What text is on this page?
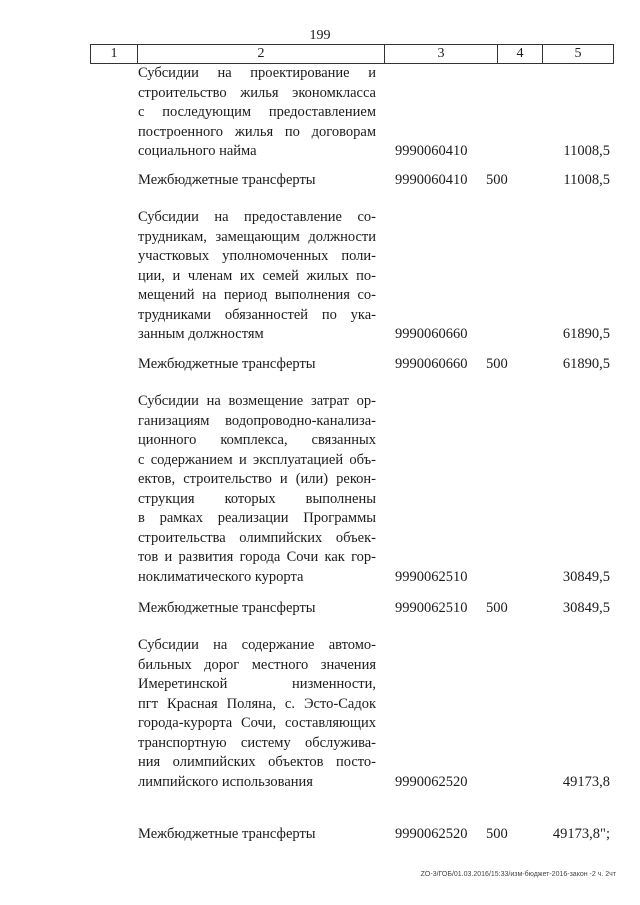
199
1	2	3	4	5
Субсидии на проектирование и
строительство жилья экономкласса
с последующим предоставлением
построенного жилья по договорам
социального найма	9990060410	11008,5
Межбюджетные трансферты	9990060410 500	11008,5
Субсидии на предоставление со-
трудникам, замещающим должности
участковых уполномоченных поли-
ции, и членам их семей жилых по-
мещений на период выполнения со-
трудниками обязанностей по ука-
занным должностям	9990060660	61890,5
Межбюджетные трансферты	9990060660 500	61890,5
Субсидии на возмещение затрат ор-
ганизациям водопроводно-канализа-
ционного комплекса, связанных
с содержанием и эксплуатацией объ-
ектов, строительство и (или) рекон-
струкция которых выполнены
в рамках реализации Программы
строительства олимпийских объек-
тов и развития города Сочи как гор-
ноклиматического курорта	9990062510	30849,5
Межбюджетные трансферты	9990062510 500	30849,5
Субсидии на содержание автомо-
бильных дорог местного значения
Имеретинской низменности,
пгт Красная Поляна, с. Эсто-Садок
города-курорта Сочи, составляющих
транспортную систему обслужива-
ния олимпийских объектов посто-
лимпийского использования	9990062520	49173,8
Межбюджетные трансферты	9990062520 500	49173,8";
ZO-3/ГОБ/01.03.2016/15:33/изм-бюджет-2016-закон -2 ч. 2чт
